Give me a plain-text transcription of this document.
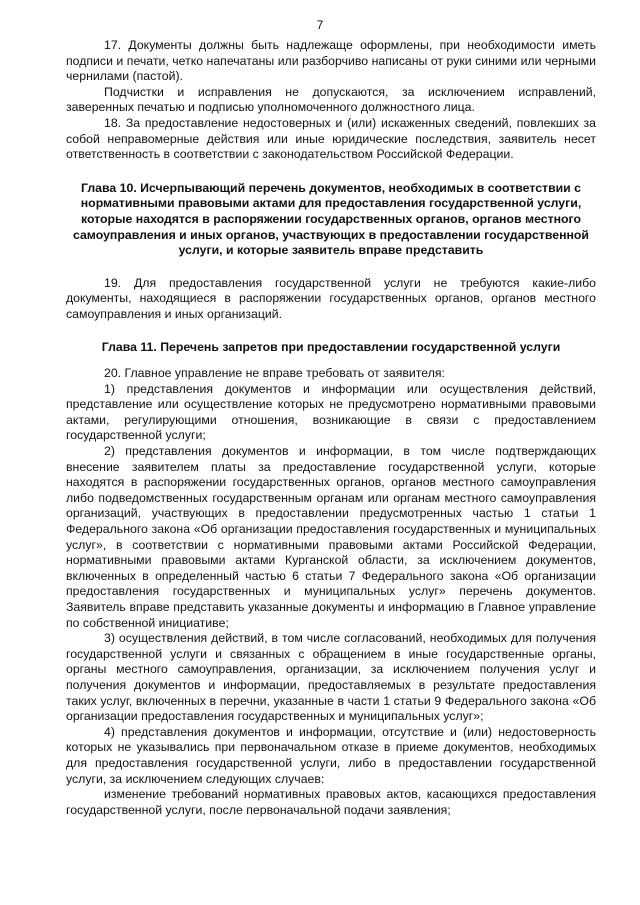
7

17. Документы должны быть надлежаще оформлены, при необходимости иметь подписи и печати, четко напечатаны или разборчиво написаны от руки синими или черными чернилами (пастой).

Подчистки и исправления не допускаются, за исключением исправлений, заверенных печатью и подписью уполномоченного должностного лица.

18. За предоставление недостоверных и (или) искаженных сведений, повлекших за собой неправомерные действия или иные юридические последствия, заявитель несет ответственность в соответствии с законодательством Российской Федерации.

Глава 10. Исчерпывающий перечень документов, необходимых в соответствии с нормативными правовыми актами для предоставления государственной услуги, которые находятся в распоряжении государственных органов, органов местного самоуправления и иных органов, участвующих в предоставлении государственной услуги, и которые заявитель вправе представить

19. Для предоставления государственной услуги не требуются какие-либо документы, находящиеся в распоряжении государственных органов, органов местного самоуправления и иных организаций.

Глава 11. Перечень запретов при предоставлении государственной услуги

20. Главное управление не вправе требовать от заявителя:

1) представления документов и информации или осуществления действий, представление или осуществление которых не предусмотрено нормативными правовыми актами, регулирующими отношения, возникающие в связи с предоставлением государственной услуги;

2) представления документов и информации, в том числе подтверждающих внесение заявителем платы за предоставление государственной услуги, которые находятся в распоряжении государственных органов, органов местного самоуправления либо подведомственных государственным органам или органам местного самоуправления организаций, участвующих в предоставлении предусмотренных частью 1 статьи 1 Федерального закона «Об организации предоставления государственных и муниципальных услуг», в соответствии с нормативными правовыми актами Российской Федерации, нормативными правовыми актами Курганской области, за исключением документов, включенных в определенный частью 6 статьи 7 Федерального закона «Об организации предоставления государственных и муниципальных услуг» перечень документов. Заявитель вправе представить указанные документы и информацию в Главное управление по собственной инициативе;

3) осуществления действий, в том числе согласований, необходимых для получения государственной услуги и связанных с обращением в иные государственные органы, органы местного самоуправления, организации, за исключением получения услуг и получения документов и информации, предоставляемых в результате предоставления таких услуг, включенных в перечни, указанные в части 1 статьи 9 Федерального закона «Об организации предоставления государственных и муниципальных услуг»;

4) представления документов и информации, отсутствие и (или) недостоверность которых не указывались при первоначальном отказе в приеме документов, необходимых для предоставления государственной услуги, либо в предоставлении государственной услуги, за исключением следующих случаев:

изменение требований нормативных правовых актов, касающихся предоставления государственной услуги, после первоначальной подачи заявления;
